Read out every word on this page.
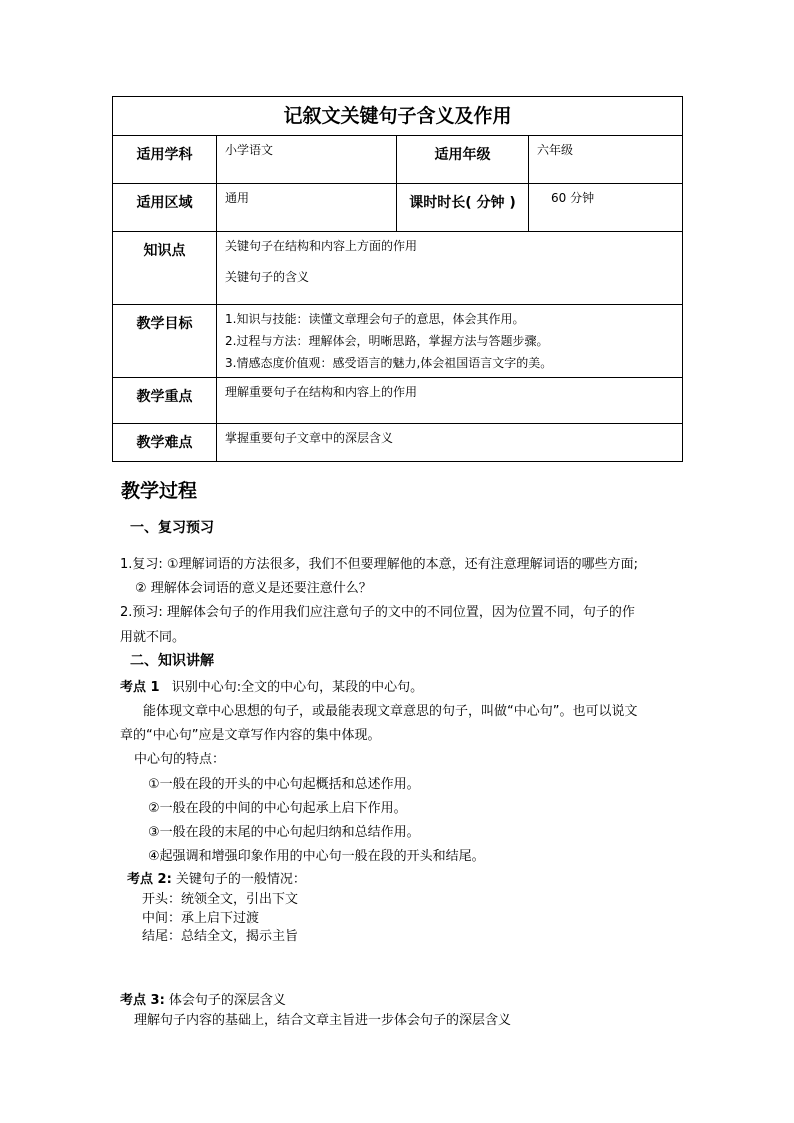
记叙文关键句子含义及作用			
适用学科	小学语文	适用年级	六年级
适用区域	通用	课时时长( 分钟 )	60 分钟
知识点	关键句子在结构和内容上方面的作用

关键句子的含义		

教学目标	1.知识与技能：读懂文章理会句子的意思，体会其作用。

2.过程与方法：理解体会，明晰思路，掌握方法与答题步骤。

3.情感态度价值观：感受语言的魅力,体会祖国语言文字的美。		

教学重点	理解重要句子在结构和内容上的作用		
教学难点	掌握重要句子文章中的深层含义		
教学过程
一、复习预习
1.复习: ①理解词语的方法很多，我们不但要理解他的本意，还有注意理解词语的哪些方面;
② 理解体会词语的意义是还要注意什么？
2.预习: 理解体会句子的作用我们应注意句子的文中的不同位置，因为位置不同，句子的作
用就不同。
二、知识讲解
考点 1 识别中心句:全文的中心句，某段的中心句。
能体现文章中心思想的句子，或最能表现文章意思的句子，叫做“中心句”。也可以说文
章的“中心句”应是文章写作内容的集中体现。
中心句的特点：
①一般在段的开头的中心句起概括和总述作用。
②一般在段的中间的中心句起承上启下作用。
③一般在段的末尾的中心句起归纳和总结作用。
④起强调和增强印象作用的中心句一般在段的开头和结尾。
考点 2: 关键句子的一般情况：
开头：统领全文，引出下文
中间：承上启下过渡
结尾：总结全文，揭示主旨
考点 3: 体会句子的深层含义
理解句子内容的基础上，结合文章主旨进一步体会句子的深层含义
